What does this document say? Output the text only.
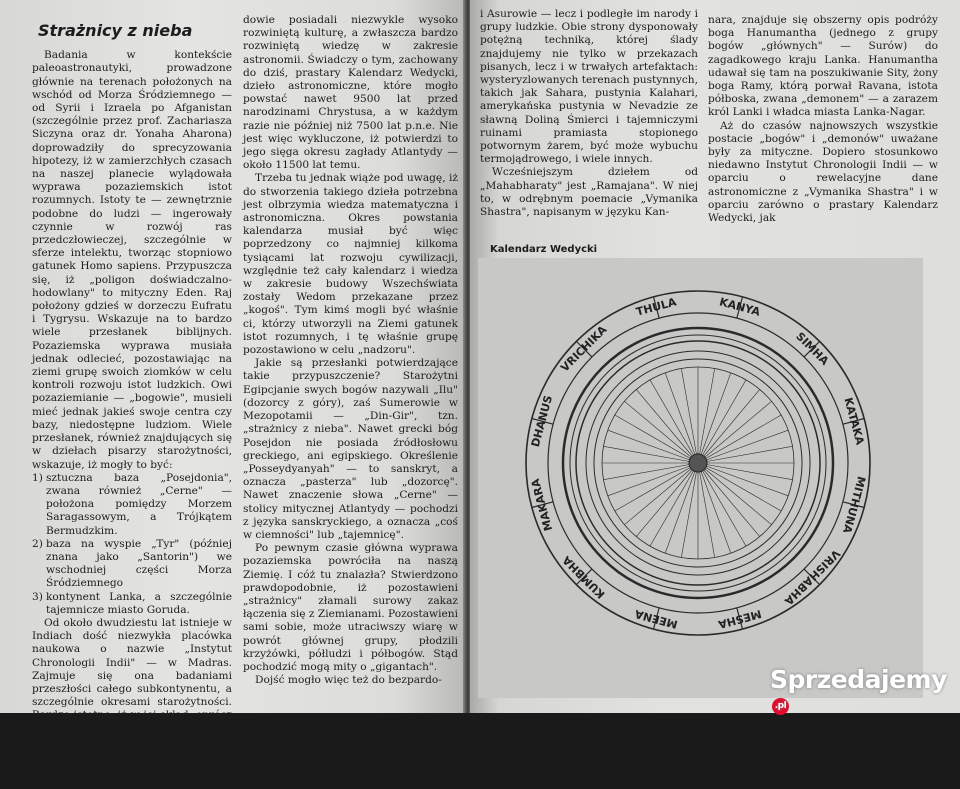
Strażnicy z nieba

Badania w kontekście paleoastronautyki, prowadzone głównie na terenach położonych na wschód od Morza Śródziemnego — od Syrii i Izraela po Afganistan (szczególnie przez prof. Zachariasza Siczyna oraz dr. Yonaha Aharona) doprowadziły do sprecyzowania hipotezy, iż w zamierzchłych czasach na naszej planecie wylądowała wyprawa pozaziemskich istot rozumnych. Istoty te — zewnętrznie podobne do ludzi — ingerowały czynnie w rozwój ras przedczłowieczej, szczególnie w sferze intelektu, tworząc stopniowo gatunek Homo sapiens. Przypuszcza się, iż „poligon doświadczalno-hodowlany" to mityczny Eden. Raj położony gdzieś w dorzeczu Eufratu i Tygrysu. Wskazuje na to bardzo wiele przesłanek biblijnych. Pozaziemska wyprawa musiała jednak odlecieć, pozostawiając na ziemi grupę swoich ziomków w celu kontroli rozwoju istot ludzkich. Owi pozaziemianie — „bogowie", musieli mieć jednak jakieś swoje centra czy bazy, niedostępne ludziom. Wiele przesłanek, również znajdujących się w dziełach pisarzy starożytności, wskazuje, iż mogły to być:

1) sztuczna baza „Posejdonia", zwana również „Cerne" — położona pomiędzy Morzem Saragassowym, a Trójkątem Bermudzkim.
2) baza na wyspie „Tyr" (później znana jako „Santorin") we wschodniej części Morza Śródziemnego
3) kontynent Lanka, a szczególnie tajemnicze miasto Goruda.

Od około dwudziestu lat istnieje w Indiach dość niezwykła placówka naukowa o nazwie „Instytut Chronologii Indii" — w Madras. Zajmuje się ona badaniami przeszłości całego subkontynentu, a szczególnie okresami starożytności. Bardzo istotne, iż w jej skład, oprócz historyków, wchodzą również astronomowie.

Jak już wyżej wspomniałem, „Mahabharata" opisuje głównie wojny

dowie posiadali niezwykle wysoko rozwiniętą kulturę, a zwłaszcza bardzo rozwiniętą wiedzę w zakresie astronomii. Świadczy o tym, zachowany do dziś, prastary Kalendarz Wedycki, dzieło astronomiczne, które mogło powstać nawet 9500 lat przed narodzinami Chrystusa, a w każdym razie nie później niż 7500 lat p.n.e. Nie jest więc wykluczone, iż potwierdzi to jego sięga okresu zagłady Atlantydy — około 11500 lat temu.

Trzeba tu jednak wiąże pod uwagę, iż do stworzenia takiego dzieła potrzebna jest olbrzymia wiedza matematyczna i astronomiczna. Okres powstania kalendarza musiał być więc poprzedzony co najmniej kilkoma tysiącami lat rozwoju cywilizacji, względnie też cały kalendarz i wiedza w zakresie budowy Wszechświata zostały Wedom przekazane przez „kogoś". Tym kimś mogli być właśnie ci, którzy utworzyli na Ziemi gatunek istot rozumnych, i tę właśnie grupę pozostawiono w celu „nadzoru".

Jakie są przesłanki potwierdzające takie przypuszczenie? Starożytni Egipcjanie swych bogów nazywali „Ilu" (dozorcy z góry), zaś Sumerowie w Mezopotamii — „Din-Gir", tzn. „strażnicy z nieba". Nawet grecki bóg Posejdon nie posiada źródłosłowu greckiego, ani egipskiego. Określenie „Posseydyanyah" — to sanskryt, a oznacza „pasterza" lub „dozorcę". Nawet znaczenie słowa „Cerne" — stolicy mitycznej Atlantydy — pochodzi z języka sanskryckiego, a oznacza „coś w ciemności" lub „tajemnicę".

Po pewnym czasie główna wyprawa pozaziemska powróciła na naszą Ziemię. I cóż tu znalazła? Stwierdzono prawdopodobnie, iż pozostawieni „strażnicy" złamali surowy zakaz łączenia się z Ziemianami. Pozostawieni sami sobie, może utraciwszy wiarę w powrót głównej grupy, płodzili krzyżówki, półludzi i półbogów. Stąd pochodzić mogą mity o „gigantach".

Dojść mogło więc też do bezpardo-

i Asurowie — lecz i podległe im narody i grupy ludzkie. Obie strony dysponowały potężną techniką, której ślady znajdujemy nie tylko w przekazach pisanych, lecz i w trwałych artefaktach: wysteryzlowanych terenach pustynnych, takich jak Sahara, pustynia Kalahari, amerykańska pustynia w Nevadzie ze sławną Doliną Śmierci i tajemniczymi ruinami pramiasta stopionego potwornym żarem, być może wybuchu termojądrowego, i wiele innych.

Wcześniejszym dziełem od „Mahabharaty" jest „Ramajana". W niej to, w odrębnym poemacie „Vymanika Shastra", napisanym w języku Kan-

nara, znajduje się obszerny opis podróży boga Hanumantha (jednego z grupy bogów „głównych" — Surów) do zagadkowego kraju Lanka. Hanumantha udawał się tam na poszukiwanie Sity, żony boga Ramy, którą porwał Ravana, istota półboska, zwana „demonem" — a zarazem król Lanki i władca miasta Lanka-Nagar.

Aż do czasów najnowszych wszystkie postacie „bogów" i „demonów" uważane były za mityczne. Dopiero stosunkowo niedawno Instytut Chronologii Indii — w oparciu o rewelacyjne dane astronomiczne z „Vymanika Shastra" i w oparciu zarówno o prastary Kalendarz Wedycki, jak

Kalendarz Wedycki
THULA	KANYA
SIMHA
KATAKA
MITHUNA
VRISHABHA
MESHA
MEENA
KUMBHA
MAKARA
DHANUS
VRICHIKA
Sprzedajemy.pl
